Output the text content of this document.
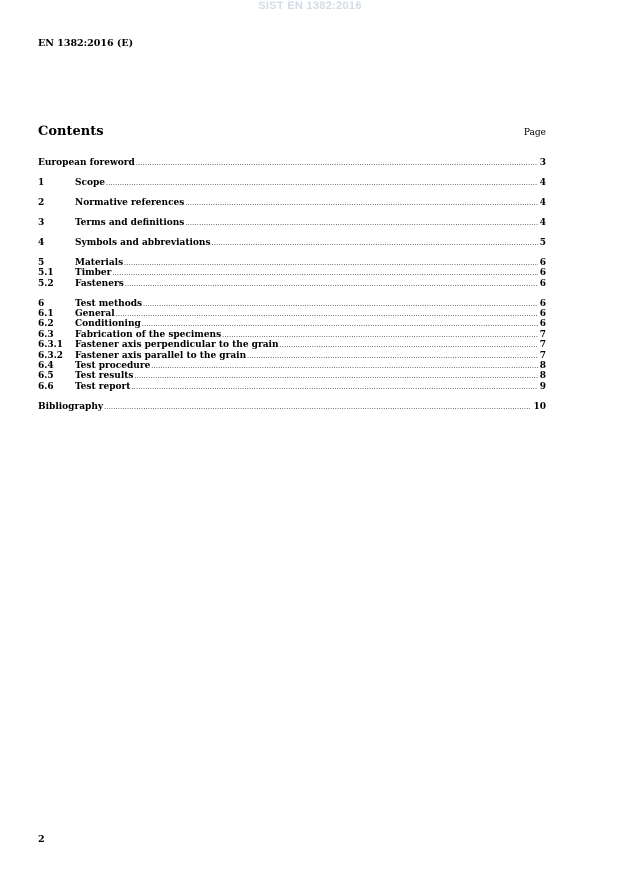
SIST EN 1382:2016
EN 1382:2016 (E)
Contents	Page
European foreword .....	3
1	Scope .....	4
2	Normative references .....	4
3	Terms and definitions .....	4
4	Symbols and abbreviations .....	5
5	Materials .....	6
5.1	Timber .....	6
5.2	Fasteners .....	6
6	Test methods .....	6
6.1	General .....	6
6.2	Conditioning .....	6
6.3	Fabrication of the specimens .....	7
6.3.1	Fastener axis perpendicular to the grain .....	7
6.3.2	Fastener axis parallel to the grain .....	7
6.4	Test procedure .....	8
6.5	Test results .....	8
6.6	Test report .....	9
Bibliography .....	10
2
